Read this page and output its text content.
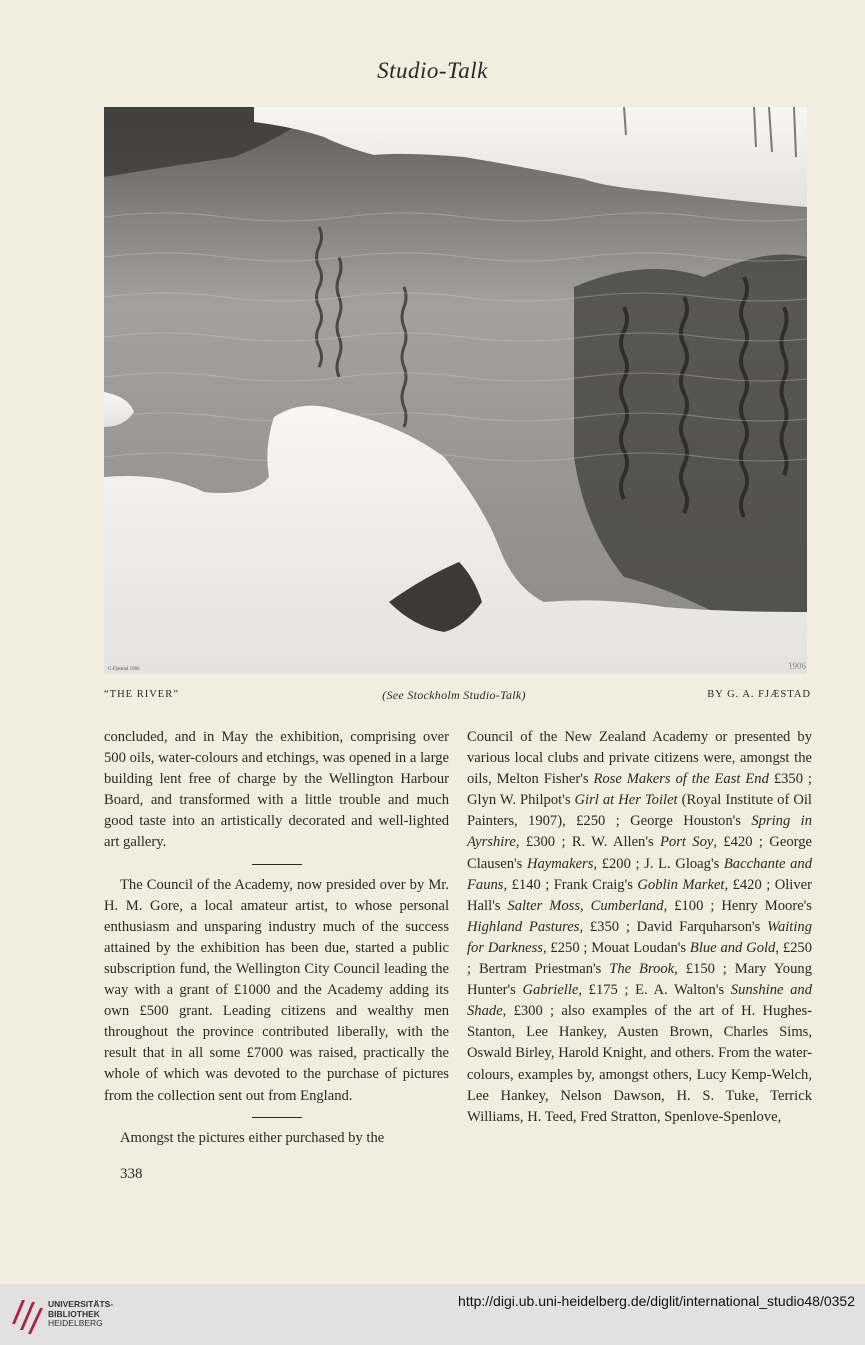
Studio-Talk
G.Fjæstad 1906	1906
“THE RIVER”	(See Stockholm Studio-Talk)	BY G. A. FJÆSTAD

concluded, and in May the exhibition, comprising over 500 oils, water-colours and etchings, was opened in a large building lent free of charge by the Wellington Harbour Board, and transformed with a little trouble and much good taste into an artistically decorated and well-lighted art gallery.

The Council of the Academy, now presided over by Mr. H. M. Gore, a local amateur artist, to whose personal enthusiasm and unsparing industry much of the success attained by the exhibition has been due, started a public subscription fund, the Wellington City Council leading the way with a grant of £1000 and the Academy adding its own £500 grant. Leading citizens and wealthy men throughout the province contributed liberally, with the result that in all some £7000 was raised, practically the whole of which was devoted to the purchase of pictures from the collection sent out from England.

Amongst the pictures either purchased by the

Council of the New Zealand Academy or presented by various local clubs and private citizens were, amongst the oils, Melton Fisher's Rose Makers of the East End £350 ; Glyn W. Philpot's Girl at Her Toilet (Royal Institute of Oil Painters, 1907), £250 ; George Houston's Spring in Ayrshire, £300 ; R. W. Allen's Port Soy, £420 ; George Clausen's Haymakers, £200 ; J. L. Gloag's Bacchante and Fauns, £140 ; Frank Craig's Goblin Market, £420 ; Oliver Hall's Salter Moss, Cumberland, £100 ; Henry Moore's Highland Pastures, £350 ; David Farquharson's Waiting for Darkness, £250 ; Mouat Loudan's Blue and Gold, £250 ; Bertram Priestman's The Brook, £150 ; Mary Young Hunter's Gabrielle, £175 ; E. A. Walton's Sunshine and Shade, £300 ; also examples of the art of H. Hughes-Stanton, Lee Hankey, Austen Brown, Charles Sims, Oswald Birley, Harold Knight, and others. From the water-colours, examples by, amongst others, Lucy Kemp-Welch, Lee Hankey, Nelson Dawson, H. S. Tuke, Terrick Williams, H. Teed, Fred Stratton, Spenlove-Spenlove,

338
UNIVERSITÄTS-
BIBLIOTHEK
HEIDELBERG
http://digi.ub.uni-heidelberg.de/diglit/international_studio48/0352
